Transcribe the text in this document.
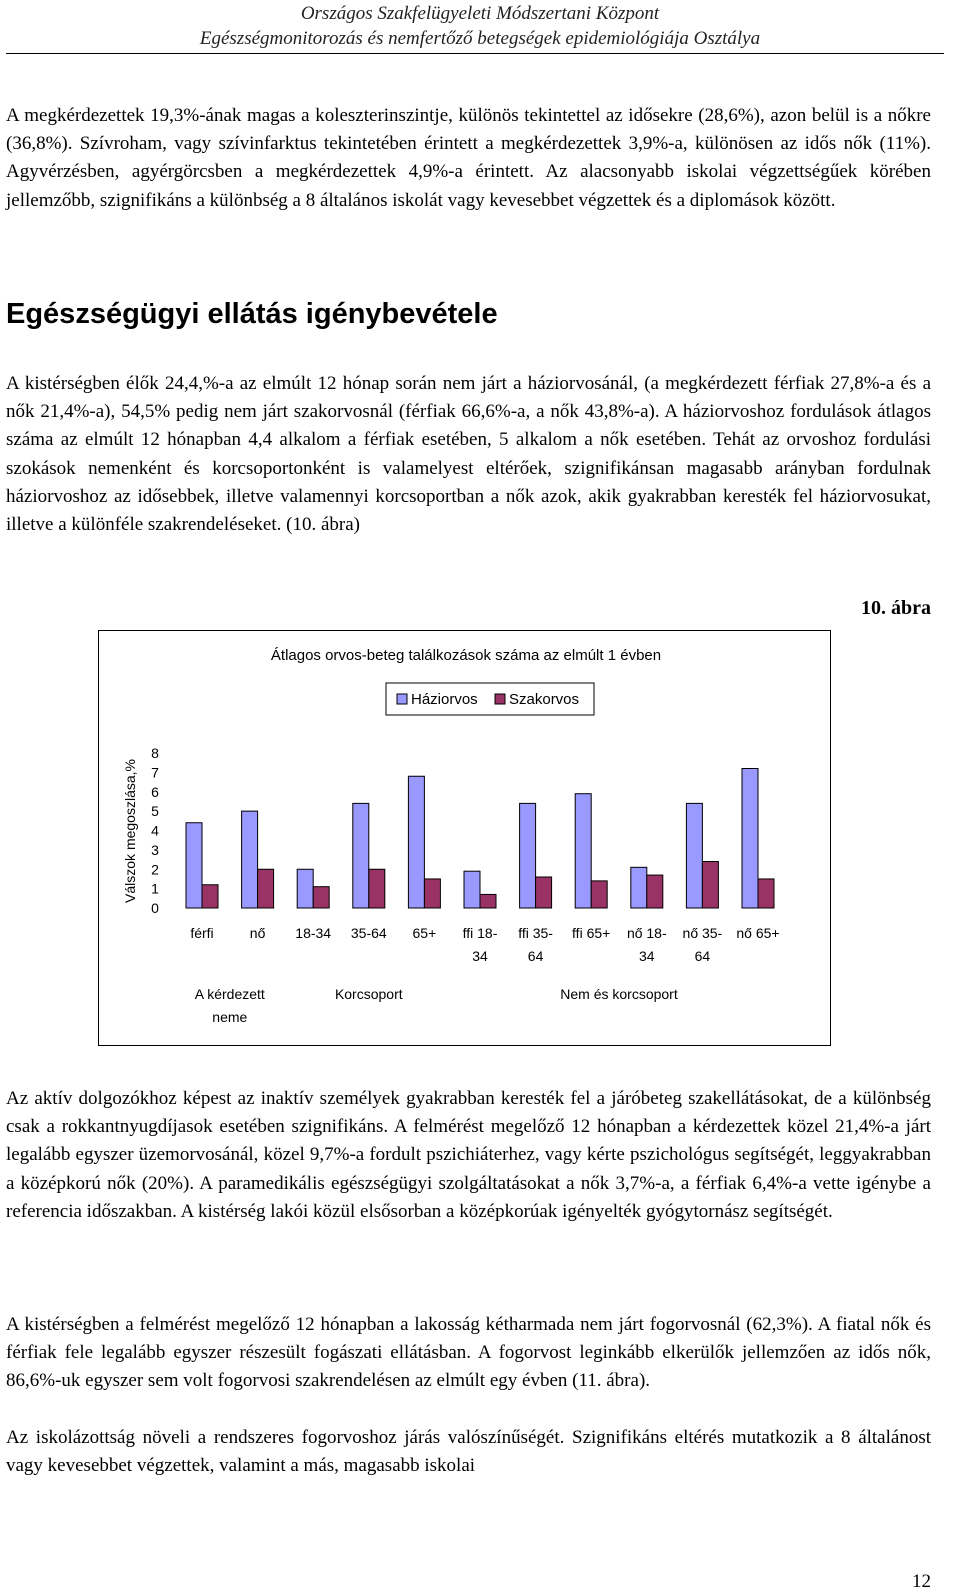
Országos Szakfelügyeleti Módszertani Központ
Egészségmonitorozás és nemfertőző betegségek epidemiológiája Osztálya

A megkérdezettek 19,3%-ának magas a koleszterinszintje, különös tekintettel az idősekre (28,6%), azon belül is a nőkre (36,8%). Szívroham, vagy szívinfarktus tekintetében érintett a megkérdezettek 3,9%-a, különösen az idős nők (11%). Agyvérzésben, agyérgörcsben a megkérdezettek 4,9%-a érintett. Az alacsonyabb iskolai végzettségűek körében jellemzőbb, szignifikáns a különbség a 8 általános iskolát vagy kevesebbet végzettek és a diplomások között.

Egészségügyi ellátás igénybevétele

A kistérségben élők 24,4,%-a az elmúlt 12 hónap során nem járt a háziorvosánál, (a megkérdezett férfiak 27,8%-a és a nők 21,4%-a), 54,5% pedig nem járt szakorvosnál (férfiak 66,6%-a, a nők 43,8%-a). A háziorvoshoz fordulások átlagos száma az elmúlt 12 hónapban 4,4 alkalom a férfiak esetében, 5 alkalom a nők esetében. Tehát az orvoshoz fordulási szokások nemenként és korcsoportonként is valamelyest eltérőek, szignifikánsan magasabb arányban fordulnak háziorvoshoz az idősebbek, illetve valamennyi korcsoportban a nők azok, akik gyakrabban keresték fel háziorvosukat, illetve a különféle szakrendeléseket. (10. ábra)

10. ábra
Átlagos orvos-beteg találkozások száma az elmúlt 1 évben
Háziorvos Szakorvos
0
1
2
3
4
5
6
7
8
Válszok megoszlása,%
férfi	nő 18-34 35-64 65+ ffi 18-
34
ffi 35-
64
ffi 65+ nő 18-
34
nő 35-
64
nő 65+
A kérdezett
neme
Korcsoport	Nem és korcsoport

Az aktív dolgozókhoz képest az inaktív személyek gyakrabban keresték fel a járóbeteg szakellátásokat, de a különbség csak a rokkantnyugdíjasok esetében szignifikáns. A felmérést megelőző 12 hónapban a kérdezettek közel 21,4%-a járt legalább egyszer üzemorvosánál, közel 9,7%-a fordult pszichiáterhez, vagy kérte pszichológus segítségét, leggyakrabban a középkorú nők (20%). A paramedikális egészségügyi szolgáltatásokat a nők 3,7%-a, a férfiak 6,4%-a vette igénybe a referencia időszakban. A kistérség lakói közül elsősorban a középkorúak igényelték gyógytornász segítségét.

A kistérségben a felmérést megelőző 12 hónapban a lakosság kétharmada nem járt fogorvosnál (62,3%). A fiatal nők és férfiak fele legalább egyszer részesült fogászati ellátásban. A fogorvost leginkább elkerülők jellemzően az idős nők, 86,6%-uk egyszer sem volt fogorvosi szakrendelésen az elmúlt egy évben (11. ábra).

Az iskolázottság növeli a rendszeres fogorvoshoz járás valószínűségét. Szignifikáns eltérés mutatkozik a 8 általánost vagy kevesebbet végzettek, valamint a más, magasabb iskolai

12
